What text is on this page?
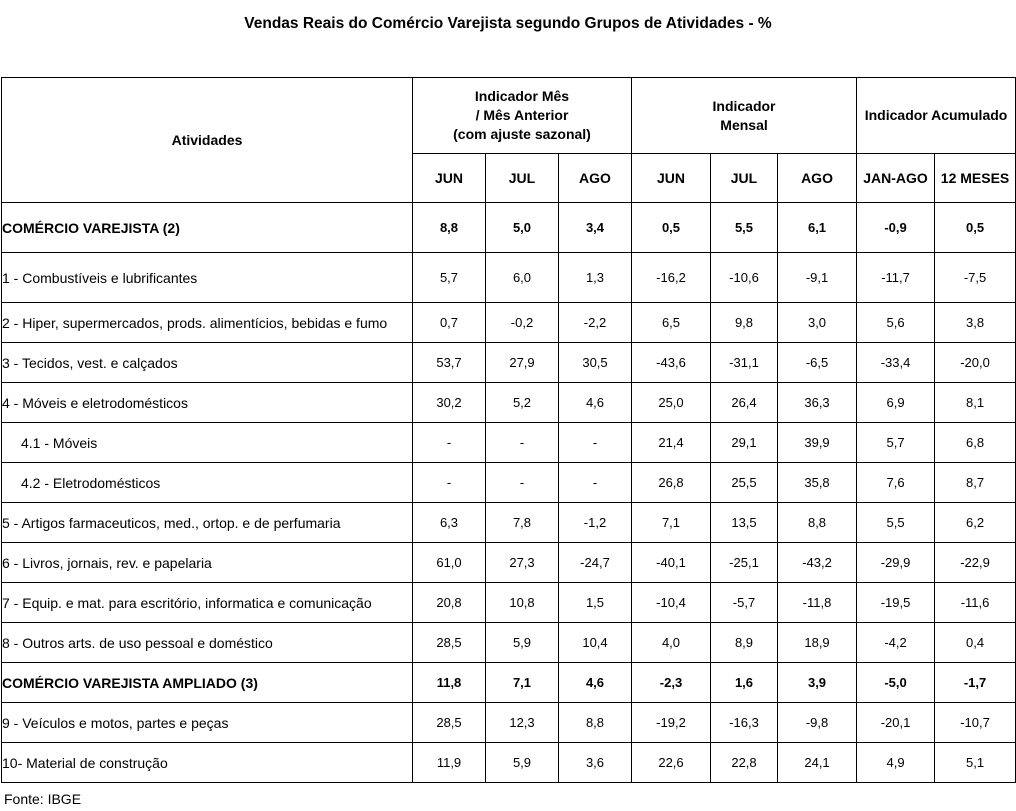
Vendas Reais do Comércio Varejista segundo Grupos de Atividades - %
Atividades	Indicador Mês
/ Mês Anterior
(com ajuste sazonal)			Indicador
Mensal			Indicador Acumulado	
	JUN	JUL	AGO	JUN	JUL	AGO	JAN-AGO	12 MESES
COMÉRCIO VAREJISTA (2)	8,8	5,0	3,4	0,5	5,5	6,1	-0,9	0,5
1 - Combustíveis e lubrificantes	5,7	6,0	1,3	-16,2	-10,6	-9,1	-11,7	-7,5
2 - Hiper, supermercados, prods. alimentícios, bebidas e fumo	0,7	-0,2	-2,2	6,5	9,8	3,0	5,6	3,8
3 - Tecidos, vest. e calçados	53,7	27,9	30,5	-43,6	-31,1	-6,5	-33,4	-20,0
4 - Móveis e eletrodomésticos	30,2	5,2	4,6	25,0	26,4	36,3	6,9	8,1
4.1 - Móveis	-	-	-	21,4	29,1	39,9	5,7	6,8
4.2 - Eletrodomésticos	-	-	-	26,8	25,5	35,8	7,6	8,7
5 - Artigos farmaceuticos, med., ortop. e de perfumaria	6,3	7,8	-1,2	7,1	13,5	8,8	5,5	6,2
6 - Livros, jornais, rev. e papelaria	61,0	27,3	-24,7	-40,1	-25,1	-43,2	-29,9	-22,9
7 - Equip. e mat. para escritório, informatica e comunicação	20,8	10,8	1,5	-10,4	-5,7	-11,8	-19,5	-11,6
8 - Outros arts. de uso pessoal e doméstico	28,5	5,9	10,4	4,0	8,9	18,9	-4,2	0,4
COMÉRCIO VAREJISTA AMPLIADO (3)	11,8	7,1	4,6	-2,3	1,6	3,9	-5,0	-1,7
9 - Veículos e motos, partes e peças	28,5	12,3	8,8	-19,2	-16,3	-9,8	-20,1	-10,7
10- Material de construção	11,9	5,9	3,6	22,6	22,8	24,1	4,9	5,1
Fonte: IBGE
